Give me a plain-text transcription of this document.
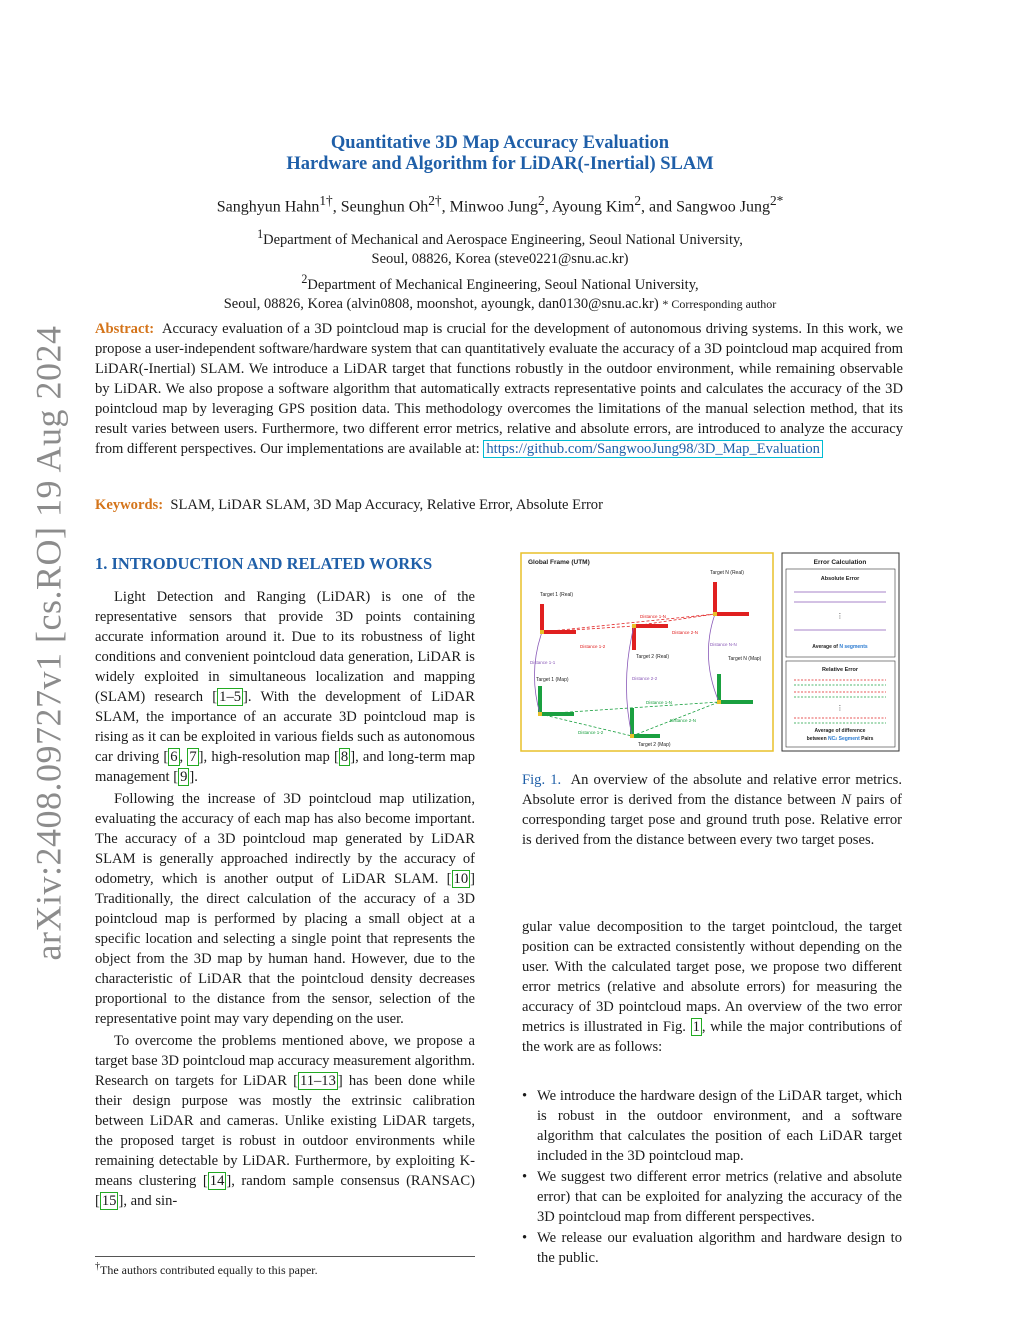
arXiv:2408.09727v1 [cs.RO] 19 Aug 2024
Quantitative 3D Map Accuracy Evaluation
Hardware and Algorithm for LiDAR(-Inertial) SLAM
Sanghyun Hahn$^{1\dagger}$, Seunghun $Oh^{2\dagger}$, Minwoo Jung$^2$, Ayoung Kim$^2$, and Sangwoo Jung$^{2*}$
$^1$Department of Mechanical and Aerospace Engineering, Seoul National University,
Seoul, 08826, Korea (steve0221@snu.ac.kr)
$^2$Department of Mechanical Engineering, Seoul National University,
Seoul, 08826, Korea (alvin0808, moonshot, ayoungk, dan0130@snu.ac.kr) * Corresponding author
Abstract: Accuracy evaluation of a 3D pointcloud map is crucial for the development of autonomous driving systems. In this work, we propose a user-independent software/hardware system that can quantitatively evaluate the accuracy of a 3D pointcloud map acquired from LiDAR(-Inertial) SLAM. We introduce a LiDAR target that functions robustly in the outdoor environment, while remaining observable by LiDAR. We also propose a software algorithm that automatically extracts representative points and calculates the accuracy of the 3D pointcloud map by leveraging GPS position data. This methodology overcomes the limitations of the manual selection method, that its result varies between users. Furthermore, two different error metrics, relative and absolute errors, are introduced to analyze the accuracy from different perspectives. Our implementations are available at: https://github.com/SangwooJung98/3D_Map_Evaluation
Keywords: SLAM, LiDAR SLAM, 3D Map Accuracy, Relative Error, Absolute Error
1. INTRODUCTION AND RELATED WORKS

Light Detection and Ranging (LiDAR) is one of the representative sensors that provide 3D points containing accurate information around it. Due to its robustness of light conditions and convenient pointcloud data generation, LiDAR is widely exploited in simultaneous localization and mapping (SLAM) research [ 1–5 ]. With the development of LiDAR SLAM, the importance of an accurate 3D pointcloud map is rising as it can be exploited in various fields such as autonomous car driving [ 6 , 7 ], high-resolution map [ 8 ], and long-term map management [ 9 ].

Following the increase of 3D pointcloud map utilization, evaluating the accuracy of each map has also become important. The accuracy of a 3D pointcloud map generated by LiDAR SLAM is generally approached indirectly by the accuracy of odometry, which is another output of LiDAR SLAM. [ 10 ] Traditionally, the direct calculation of the accuracy of a 3D pointcloud map is performed by placing a small object at a specific location and selecting a single point that represents the object from the 3D map by human hand. However, due to the characteristic of LiDAR that the pointcloud density decreases proportional to the distance from the sensor, selection of the representative point may vary depending on the user.

To overcome the problems mentioned above, we propose a target base 3D pointcloud map accuracy measurement algorithm. Research on targets for LiDAR [ 11–13 ] has been done while their design purpose was mostly the extrinsic calibration between LiDAR and cameras. Unlike existing LiDAR targets, the proposed target is robust in outdoor environments while remaining detectable by LiDAR. Furthermore, by exploiting K-means clustering [ 14 ], random sample consensus (RANSAC) [ 15 ], and sin-

Global Frame (UTM)
Target 1 (Real)
Target 1 (Map)
Target 2 (Real)
Target 2 (Map)
Target N (Real)
Target N (Map)
Distance 1-N
Distance 2-N
Distance 1-2
Distance 1-N
Distance 2-N
Distance 1-2
Distance 1-1
Distance 2-2
Distance N-N
Error Calculation
Absolute Error
⋮
Average of N segments
Relative Error
⋮
Average of difference
between NC2 Segment Pairs
Fig. 1. An overview of the absolute and relative error metrics. Absolute error is derived from the distance between N pairs of corresponding target pose and ground truth pose. Relative error is derived from the distance between every two target poses.
gular value decomposition to the target pointcloud, the target position can be extracted consistently without depending on the user. With the calculated target pose, we propose two different error metrics (relative and absolute errors) for measuring the accuracy of 3D pointcloud maps. An overview of the two error metrics is illustrated in Fig. 1 , while the major contributions of the work are as follows:
• We introduce the hardware design of the LiDAR target, which is robust in the outdoor environment, and a software algorithm that calculates the position of each LiDAR target included in the 3D pointcloud map.
• We suggest two different error metrics (relative and absolute error) that can be exploited for analyzing the accuracy of the 3D pointcloud map from different perspectives.
• We release our evaluation algorithm and hardware design to the public.
†The authors contributed equally to this paper.
